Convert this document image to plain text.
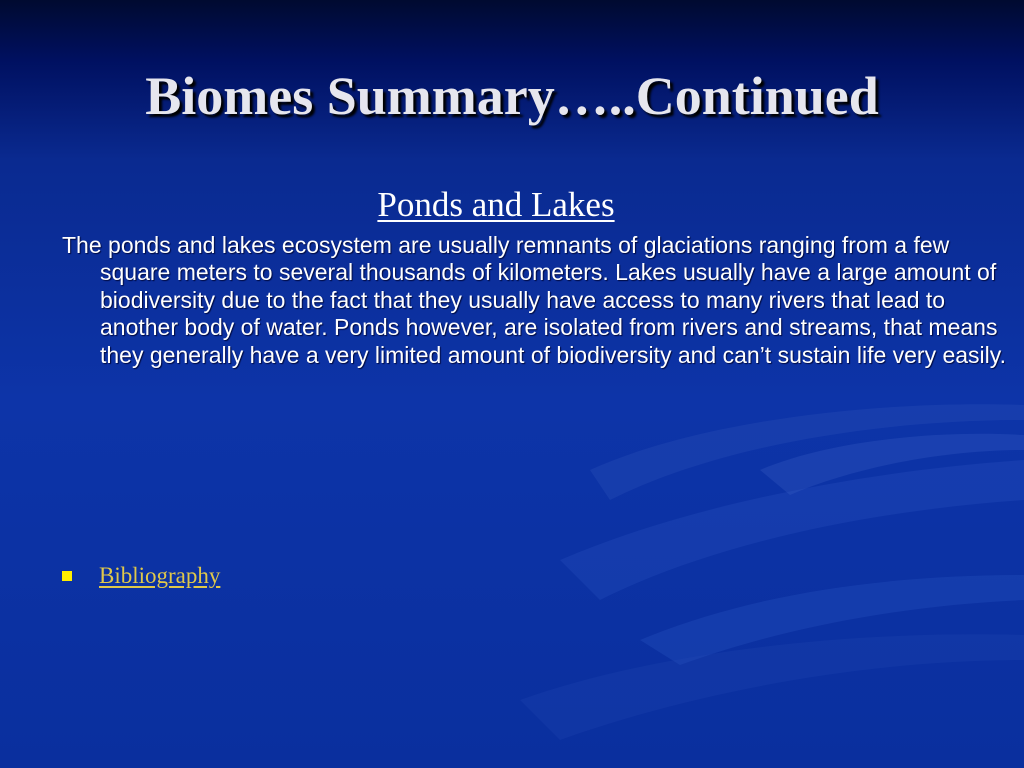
Biomes Summary…..Continued
Ponds and Lakes
The ponds and lakes ecosystem are usually remnants of glaciations ranging from a few square meters to several thousands of kilometers. Lakes usually have a large amount of biodiversity due to the fact that they usually have access to many rivers that lead to another body of water. Ponds however, are isolated from rivers and streams, that means they generally have a very limited amount of biodiversity and can’t sustain life very easily.
Bibliography
